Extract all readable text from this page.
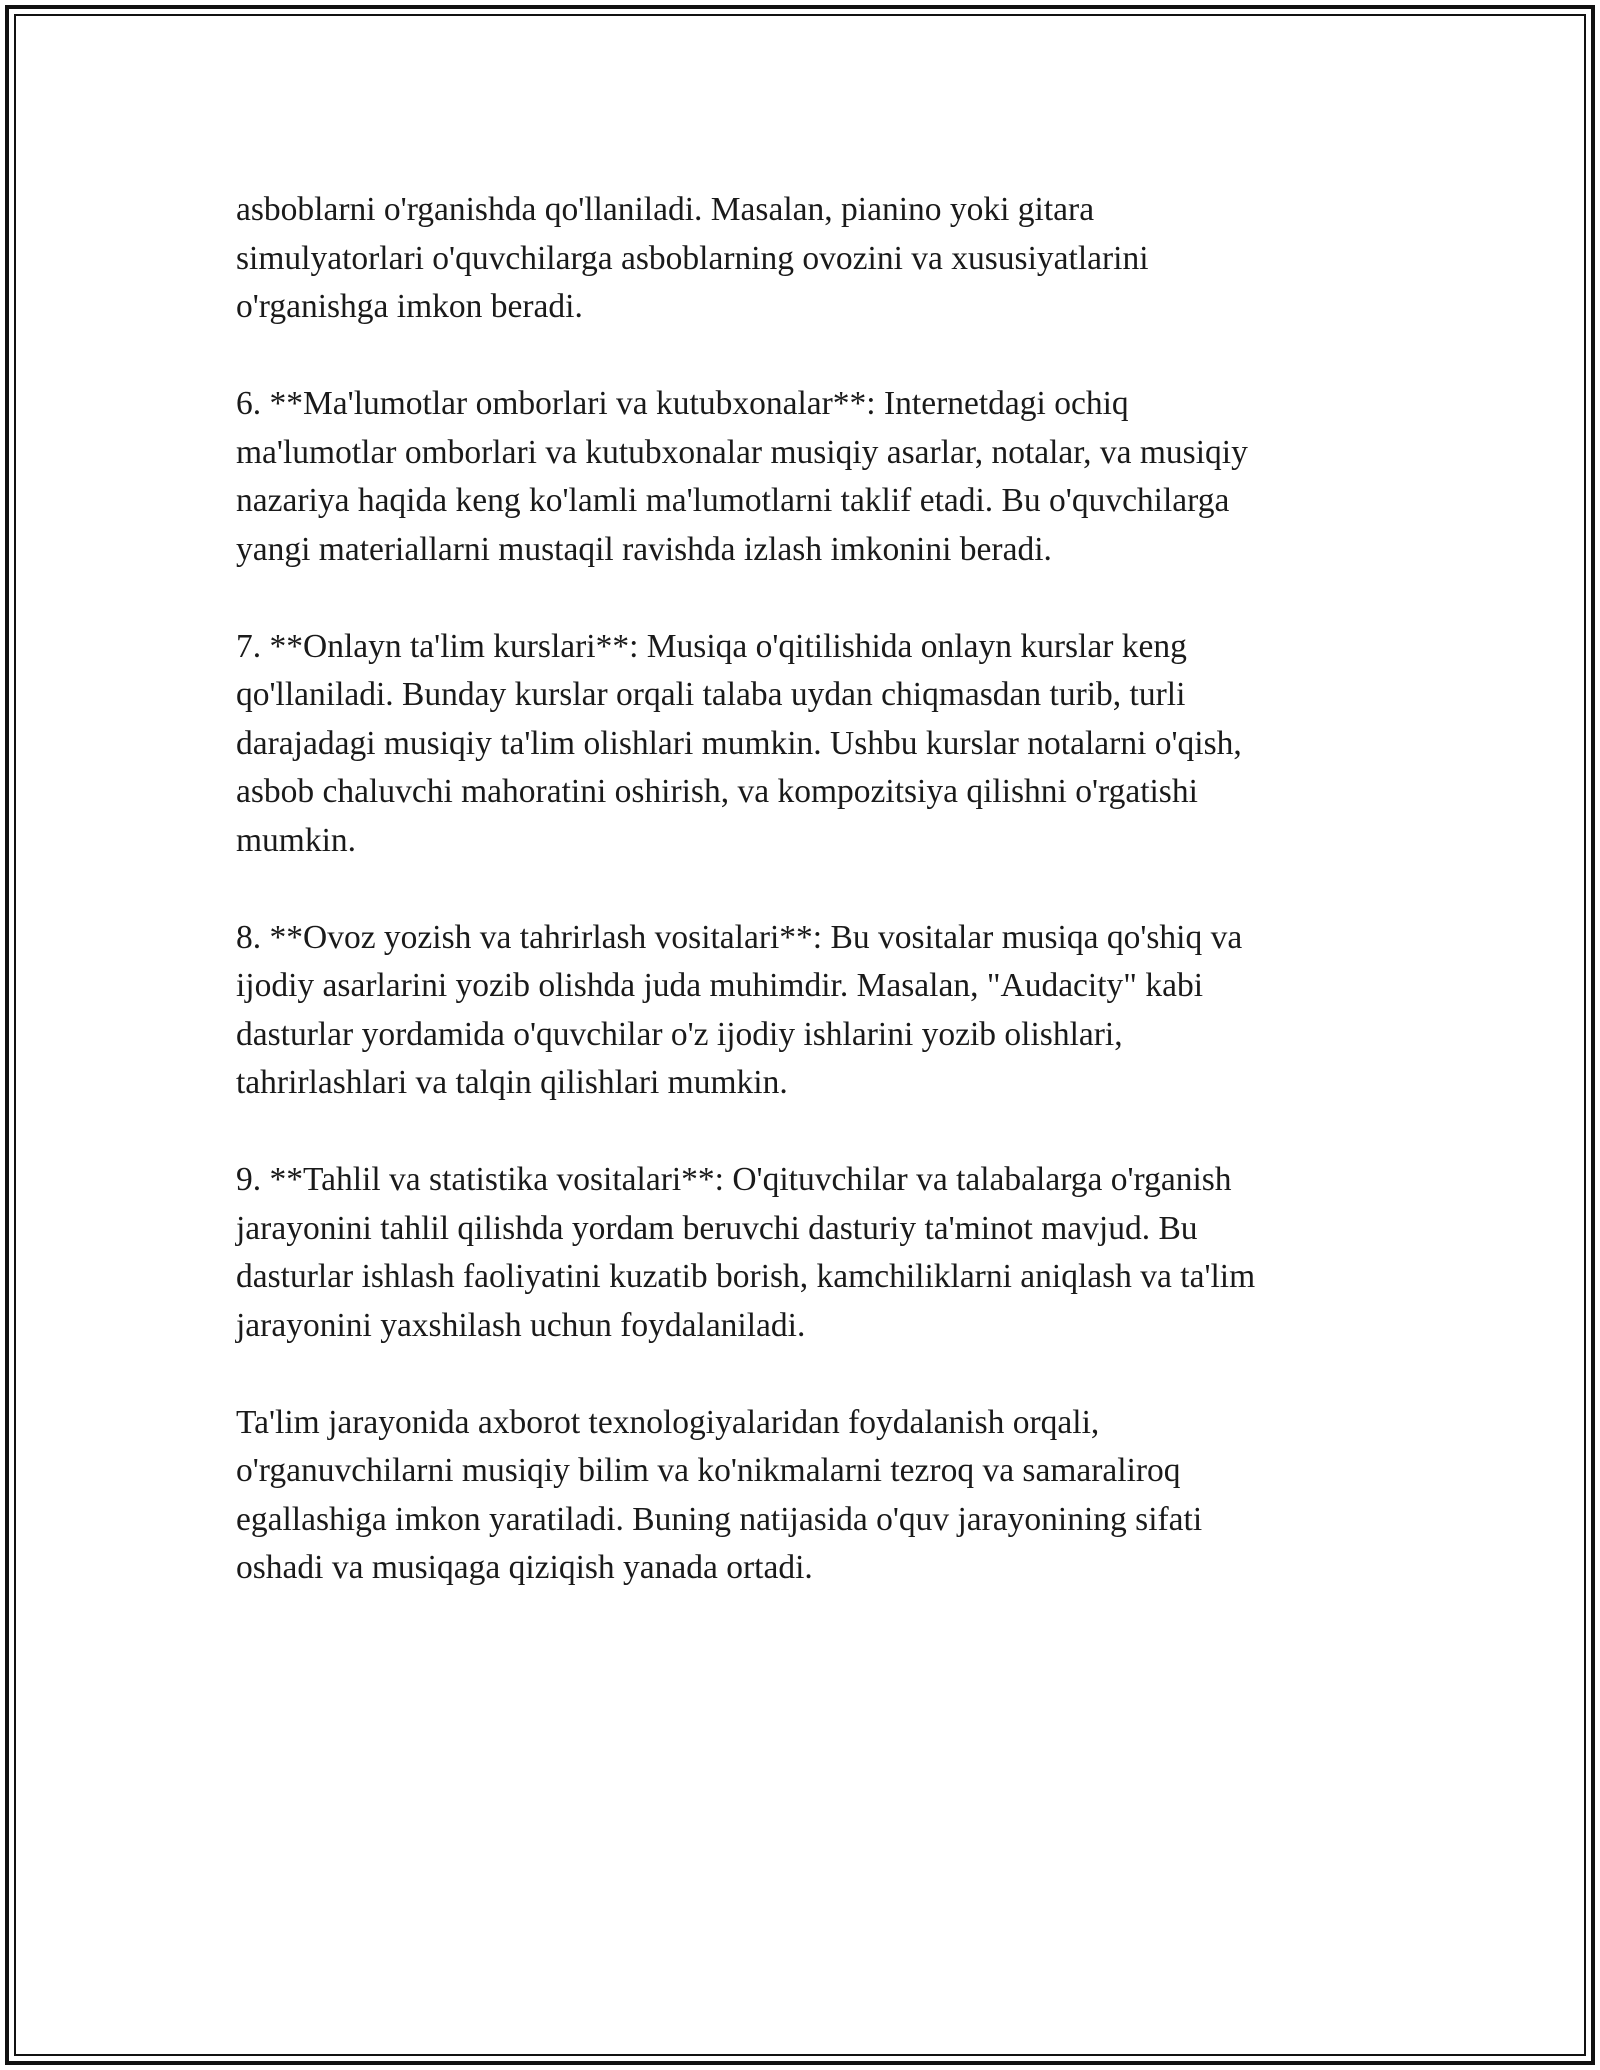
asboblarni o'rganishda qo'llaniladi. Masalan, pianino yoki gitara
simulyatorlari o'quvchilarga asboblarning ovozini va xususiyatlarini
o'rganishga imkon beradi.

6. **Ma'lumotlar omborlari va kutubxonalar**: Internetdagi ochiq
ma'lumotlar omborlari va kutubxonalar musiqiy asarlar, notalar, va musiqiy
nazariya haqida keng ko'lamli ma'lumotlarni taklif etadi. Bu o'quvchilarga
yangi materiallarni mustaqil ravishda izlash imkonini beradi.

7. **Onlayn ta'lim kurslari**: Musiqa o'qitilishida onlayn kurslar keng
qo'llaniladi. Bunday kurslar orqali talaba uydan chiqmasdan turib, turli
darajadagi musiqiy ta'lim olishlari mumkin. Ushbu kurslar notalarni o'qish,
asbob chaluvchi mahoratini oshirish, va kompozitsiya qilishni o'rgatishi
mumkin.

8. **Ovoz yozish va tahrirlash vositalari**: Bu vositalar musiqa qo'shiq va
ijodiy asarlarini yozib olishda juda muhimdir. Masalan, "Audacity" kabi
dasturlar yordamida o'quvchilar o'z ijodiy ishlarini yozib olishlari,
tahrirlashlari va talqin qilishlari mumkin.

9. **Tahlil va statistika vositalari**: O'qituvchilar va talabalarga o'rganish
jarayonini tahlil qilishda yordam beruvchi dasturiy ta'minot mavjud. Bu
dasturlar ishlash faoliyatini kuzatib borish, kamchiliklarni aniqlash va ta'lim
jarayonini yaxshilash uchun foydalaniladi.

Ta'lim jarayonida axborot texnologiyalaridan foydalanish orqali,
o'rganuvchilarni musiqiy bilim va ko'nikmalarni tezroq va samaraliroq
egallashiga imkon yaratiladi. Buning natijasida o'quv jarayonining sifati
oshadi va musiqaga qiziqish yanada ortadi.
